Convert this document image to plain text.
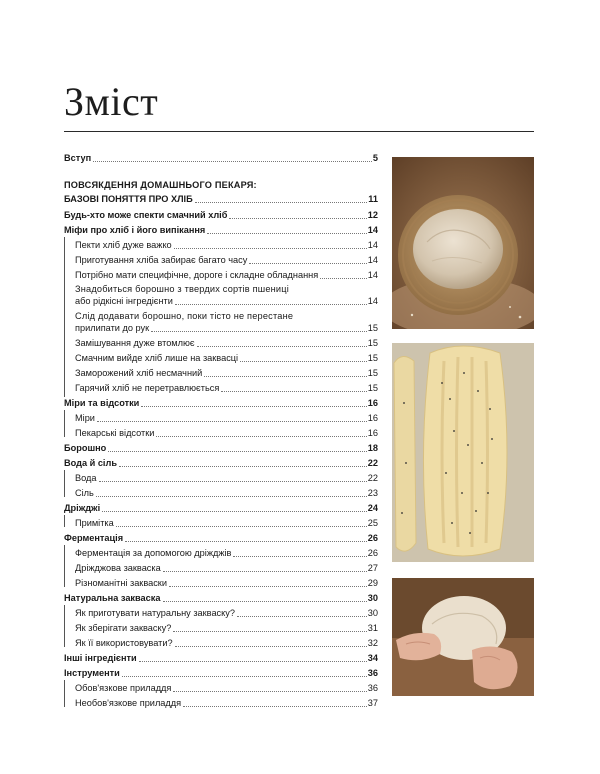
Зміст
Вступ	5
ПОВСЯКДЕННЯ ДОМАШНЬОГО ПЕКАРЯ:
БАЗОВІ ПОНЯТТЯ ПРО ХЛІБ	11
Будь-хто може спекти смачний хліб	12
Міфи про хліб і його випікання	14
Пекти хліб дуже важко	14
Приготування хліба забирає багато часу	14
Потрібно мати специфічне, дороге і складне обладнання	14
Знадобиться борошно з твердих сортів пшениці
або рідкісні інгредієнти	14
Слід додавати борошно, поки тісто не перестане
прилипати до рук	15
Замішування дуже втомлює	15
Смачним вийде хліб лише на заквасці	15
Заморожений хліб несмачний	15
Гарячий хліб не перетравлюється	15
Міри та відсотки	16
Міри	16
Пекарські відсотки	16
Борошно	18
Вода й сіль	22
Вода	22
Сіль	23
Дріжджі	24
Примітка	25
Ферментація	26
Ферментація за допомогою дріжджів	26
Дріжджова закваска	27
Різноманітні закваски	29
Натуральна закваска	30
Як приготувати натуральну закваску?	30
Як зберігати закваску?	31
Як її використовувати?	32
Інші інгредієнти	34
Інструменти	36
Обов'язкове приладдя	36
Необов'язкове приладдя	37
